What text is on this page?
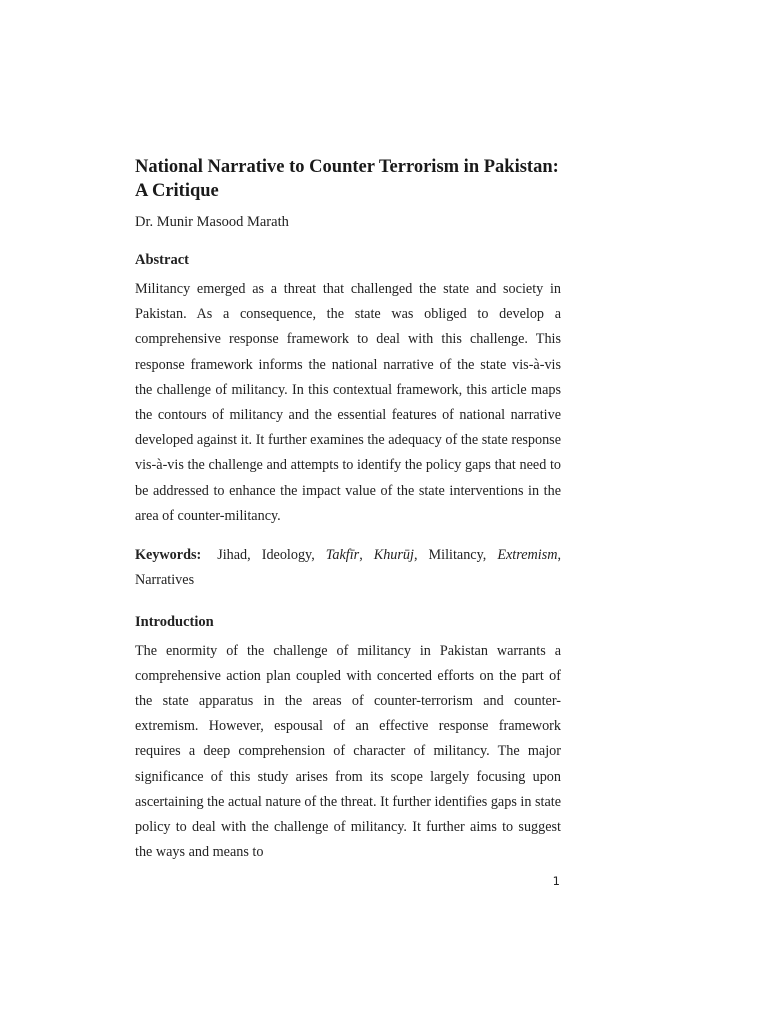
National Narrative to Counter Terrorism in Pakistan: A Critique
Dr. Munir Masood Marath
Abstract

Militancy emerged as a threat that challenged the state and society in Pakistan. As a consequence, the state was obliged to develop a comprehensive response framework to deal with this challenge. This response framework informs the national narrative of the state vis-à-vis the challenge of militancy. In this contextual framework, this article maps the contours of militancy and the essential features of national narrative developed against it. It further examines the adequacy of the state response vis-à-vis the challenge and attempts to identify the policy gaps that need to be addressed to enhance the impact value of the state interventions in the area of counter-militancy.

Keywords: Jihad, Ideology, Takfīr, Khurūj, Militancy, Extremism, Narratives
Introduction

The enormity of the challenge of militancy in Pakistan warrants a comprehensive action plan coupled with concerted efforts on the part of the state apparatus in the areas of counter-terrorism and counter-extremism. However, espousal of an effective response framework requires a deep comprehension of character of militancy. The major significance of this study arises from its scope largely focusing upon ascertaining the actual nature of the threat. It further identifies gaps in state policy to deal with the challenge of militancy. It further aims to suggest the ways and means to

1
